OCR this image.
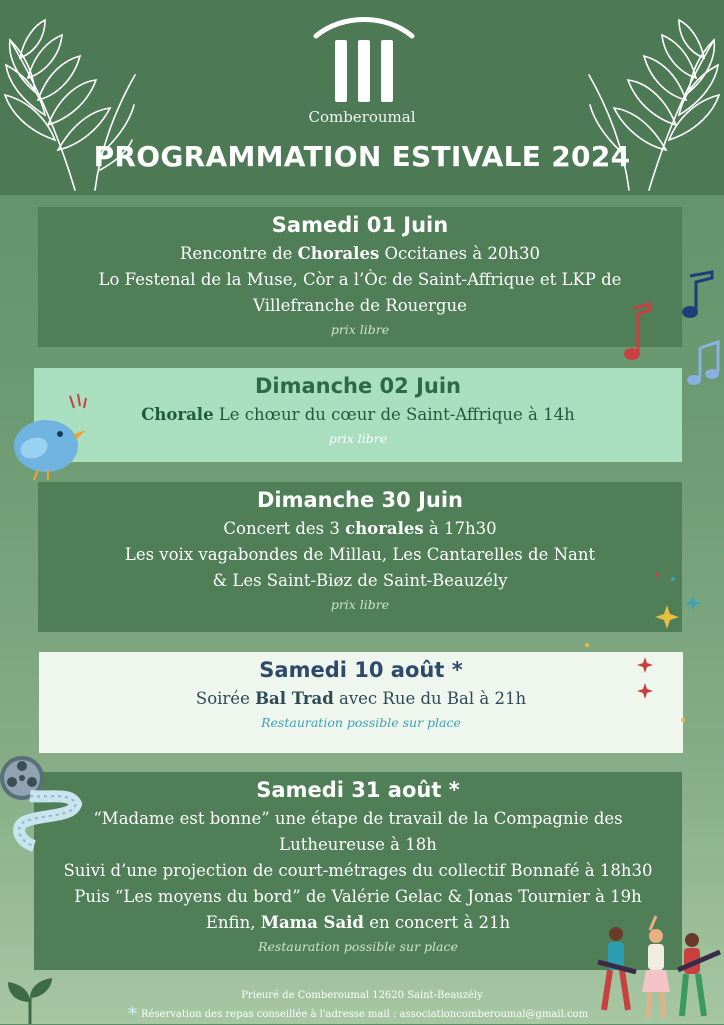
Comberoumal
PROGRAMMATION ESTIVALE 2024
Samedi 01 Juin
Rencontre de Chorales Occitanes à 20h30
Lo Festenal de la Muse, Còr a l’Òc de Saint-Affrique et LKP de
Villefranche de Rouergue
prix libre
Dimanche 02 Juin
Chorale Le chœur du cœur de Saint-Affrique à 14h
prix libre
Dimanche 30 Juin
Concert des 3 chorales à 17h30
Les voix vagabondes de Millau, Les Cantarelles de Nant
& Les Saint-Biøz de Saint-Beauzély
prix libre
Samedi 10 août *
Soirée Bal Trad avec Rue du Bal à 21h
Restauration possible sur place
Samedi 31 août *
“Madame est bonne” une étape de travail de la Compagnie des
Lutheureuse à 18h
Suivi d’une projection de court-métrages du collectif Bonnafé à 18h30
Puis “Les moyens du bord” de Valérie Gelac & Jonas Tournier à 19h
Enfin, Mama Said en concert à 21h
Restauration possible sur place
Prieuré de Comberoumal 12620 Saint-Beauzély
* Réservation des repas conseillée à l'adresse mail : associationcomberoumal@gmail.com
